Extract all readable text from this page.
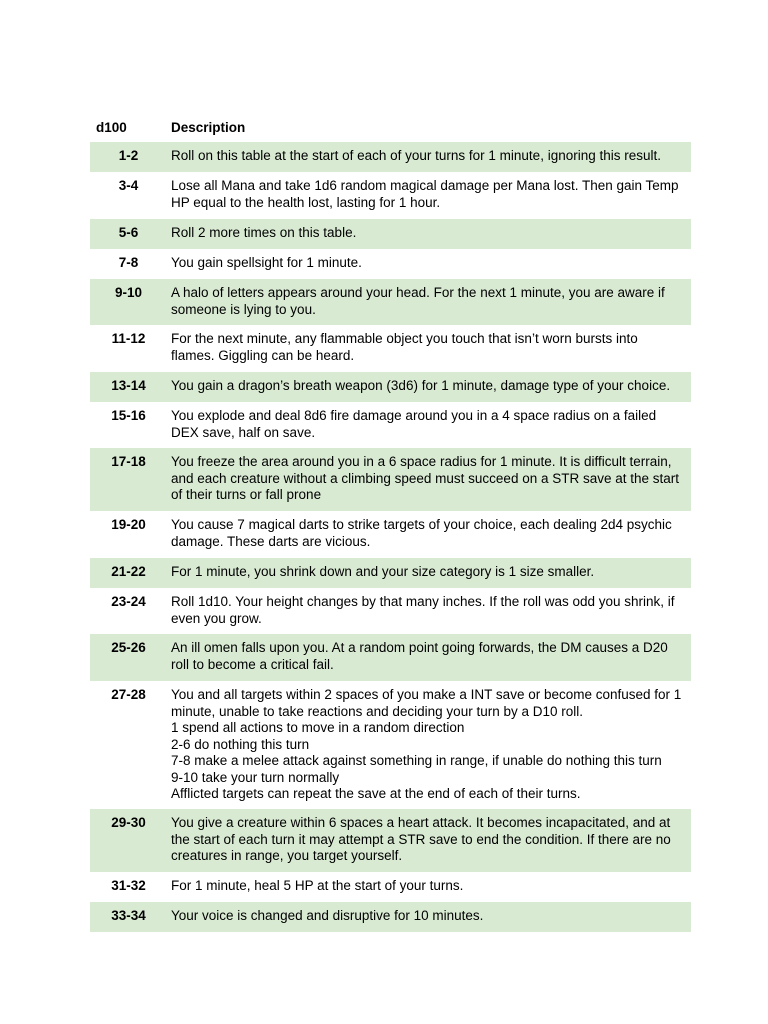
d100	Description
1-2	Roll on this table at the start of each of your turns for 1 minute, ignoring this result.
3-4	Lose all Mana and take 1d6 random magical damage per Mana lost. Then gain Temp HP equal to the health lost, lasting for 1 hour.
5-6	Roll 2 more times on this table.
7-8	You gain spellsight for 1 minute.
9-10	A halo of letters appears around your head. For the next 1 minute, you are aware if someone is lying to you.
11-12	For the next minute, any flammable object you touch that isn’t worn bursts into flames. Giggling can be heard.
13-14	You gain a dragon’s breath weapon (3d6) for 1 minute, damage type of your choice.
15-16	You explode and deal 8d6 fire damage around you in a 4 space radius on a failed DEX save, half on save.
17-18	You freeze the area around you in a 6 space radius for 1 minute. It is difficult terrain, and each creature without a climbing speed must succeed on a STR save at the start of their turns or fall prone
19-20	You cause 7 magical darts to strike targets of your choice, each dealing 2d4 psychic damage. These darts are vicious.
21-22	For 1 minute, you shrink down and your size category is 1 size smaller.
23-24	Roll 1d10. Your height changes by that many inches. If the roll was odd you shrink, if even you grow.
25-26	An ill omen falls upon you. At a random point going forwards, the DM causes a D20 roll to become a critical fail.
27-28	You and all targets within 2 spaces of you make a INT save or become confused for 1 minute, unable to take reactions and deciding your turn by a D10 roll.
1 spend all actions to move in a random direction
2-6 do nothing this turn
7-8 make a melee attack against something in range, if unable do nothing this turn
9-10 take your turn normally
Afflicted targets can repeat the save at the end of each of their turns.
29-30	You give a creature within 6 spaces a heart attack. It becomes incapacitated, and at the start of each turn it may attempt a STR save to end the condition. If there are no creatures in range, you target yourself.
31-32	For 1 minute, heal 5 HP at the start of your turns.
33-34	Your voice is changed and disruptive for 10 minutes.
